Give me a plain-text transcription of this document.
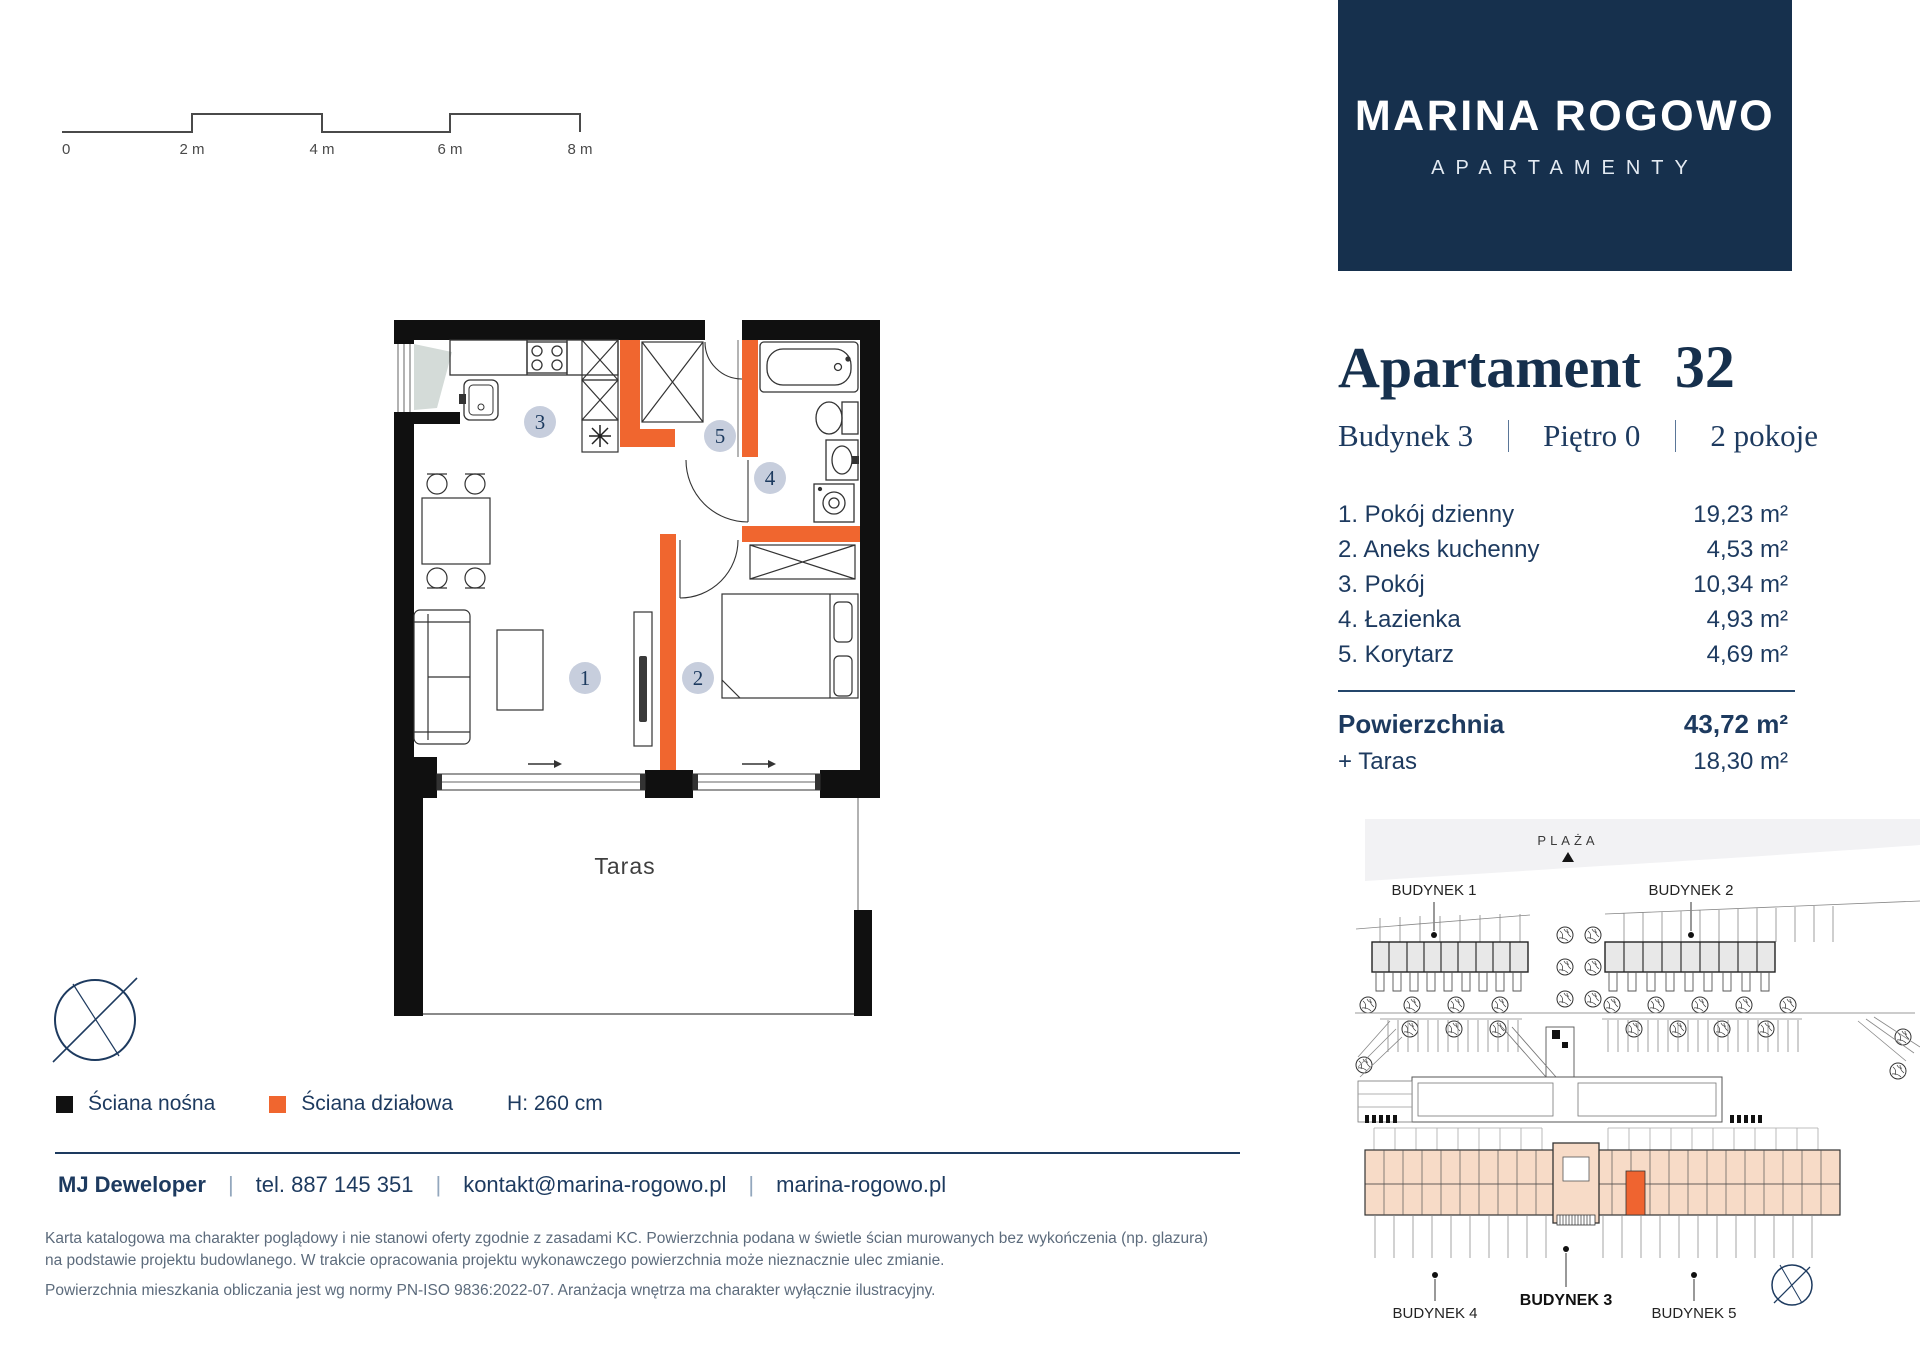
0	2 m	4 m	6 m	8 m
MARINA ROGOWO
APARTAMENTY
Apartament 32
Budynek 3 Piętro 0 2 pokoje
1. Pokój dzienny	19,23 m²
2. Aneks kuchenny	4,53 m²
3. Pokój	10,34 m²
4. Łazienka	4,93 m²
5. Korytarz	4,69 m²
Powierzchnia	43,72 m²
+ Taras	18,30 m²
Taras
1	2
3
4
5
PLAŻA
BUDYNEK 1	BUDYNEK 2
BUDYNEK 4
BUDYNEK 3
BUDYNEK 5
Ściana nośna	Ściana działowa	H: 260 cm
MJ Deweloper | tel. 887 145 351 | kontakt@marina-rogowo.pl | marina-rogowo.pl
Karta katalogowa ma charakter poglądowy i nie stanowi oferty zgodnie z zasadami KC. Powierzchnia podana w świetle ścian murowanych bez wykończenia (np. glazura) na podstawie projektu budowlanego. W trakcie opracowania projektu wykonawczego powierzchnia może nieznacznie ulec zmianie.
Powierzchnia mieszkania obliczania jest wg normy PN-ISO 9836:2022-07. Aranżacja wnętrza ma charakter wyłącznie ilustracyjny.
